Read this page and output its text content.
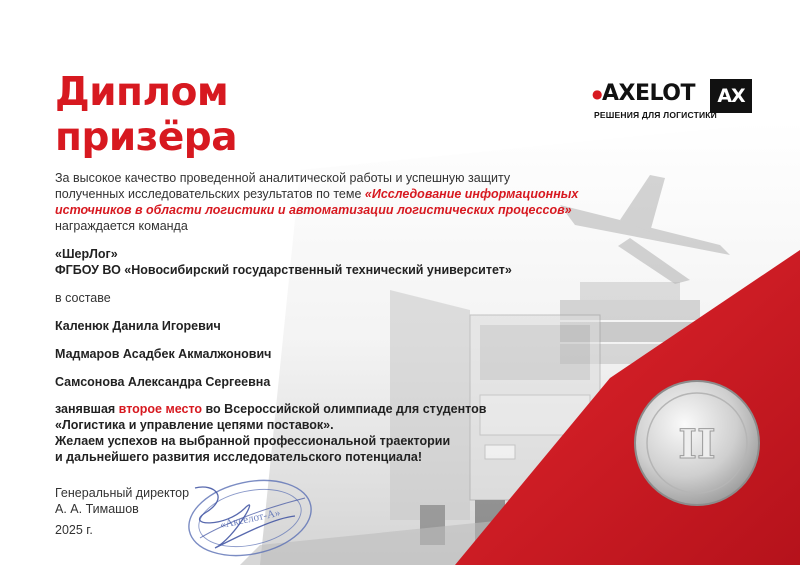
Диплом
призёра
●AXELOT	AX
РЕШЕНИЯ ДЛЯ ЛОГИСТИКИ
За высокое качество проведенной аналитической работы и успешную защиту
полученных исследовательских результатов по теме «Исследование информационных
источников в области логистики и автоматизации логистических процессов»
награждается команда
«ШерЛог»
ФГБОУ ВО «Новосибирский государственный технический университет»
в составе
Каленюк Данила Игоревич
Мадмаров Асадбек Акмалжонович
Самсонова Александра Сергеевна
занявшая второе место во Всероссийской олимпиаде для студентов
«Логистика и управление цепями поставок».
Желаем успехов на выбранной профессиональной траектории
и дальнейшего развития исследовательского потенциала!
Генеральный директор
А. А. Тимашов
2025 г.	«Акселот-А»
II
